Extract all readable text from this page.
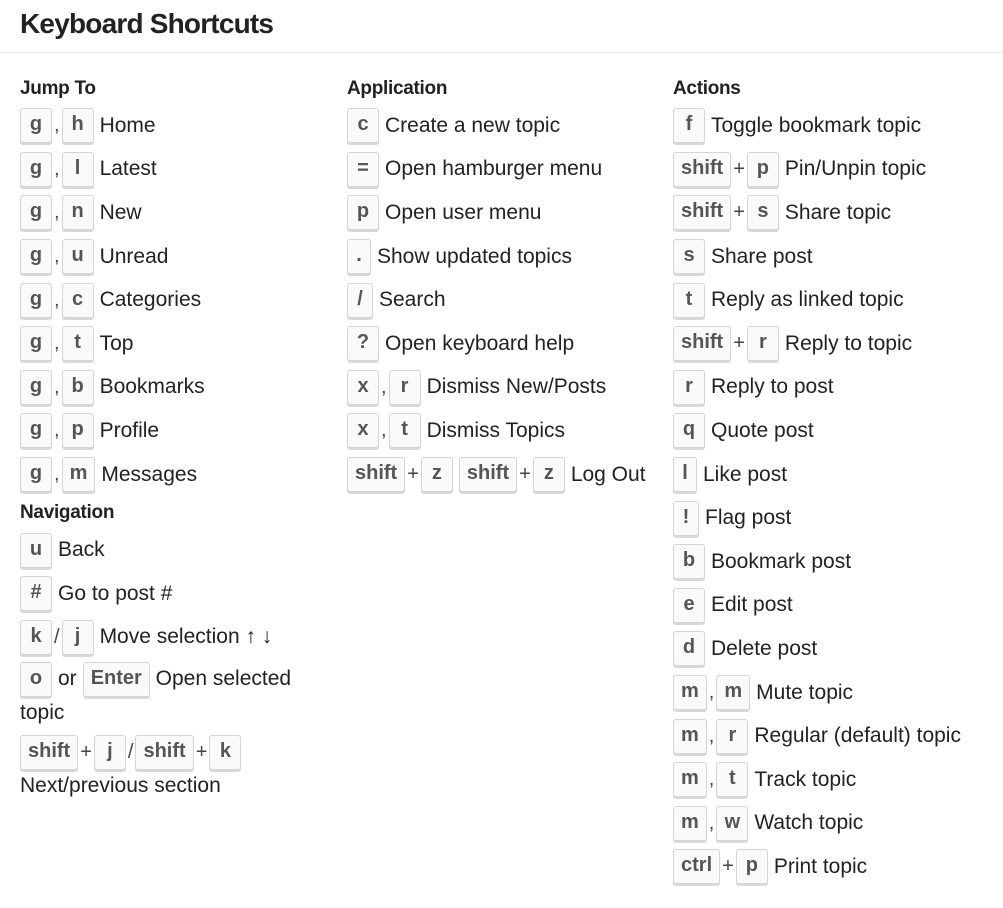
Keyboard Shortcuts
Jump To
g , h Home
g , l Latest
g , n New
g , u Unread
g , c Categories
g , t Top
g , b Bookmarks
g , p Profile
g , m Messages
Navigation
u Back
# Go to post #
k / j Move selection ↑ ↓
o or Enter Open selected topic
shift + j / shift + k
Next/previous section
Application
c Create a new topic
= Open hamburger menu
p Open user menu
. Show updated topics
/ Search
? Open keyboard help
x , r Dismiss New/Posts
x , t Dismiss Topics
shift + z	shift + z Log Out
Actions
f Toggle bookmark topic
shift + p Pin/Unpin topic
shift + s Share topic
s Share post
t Reply as linked topic
shift + r Reply to topic
r Reply to post
q Quote post
l Like post
! Flag post
b Bookmark post
e Edit post
d Delete post
m , m Mute topic
m , r Regular (default) topic
m , t Track topic
m , w Watch topic
ctrl + p Print topic
